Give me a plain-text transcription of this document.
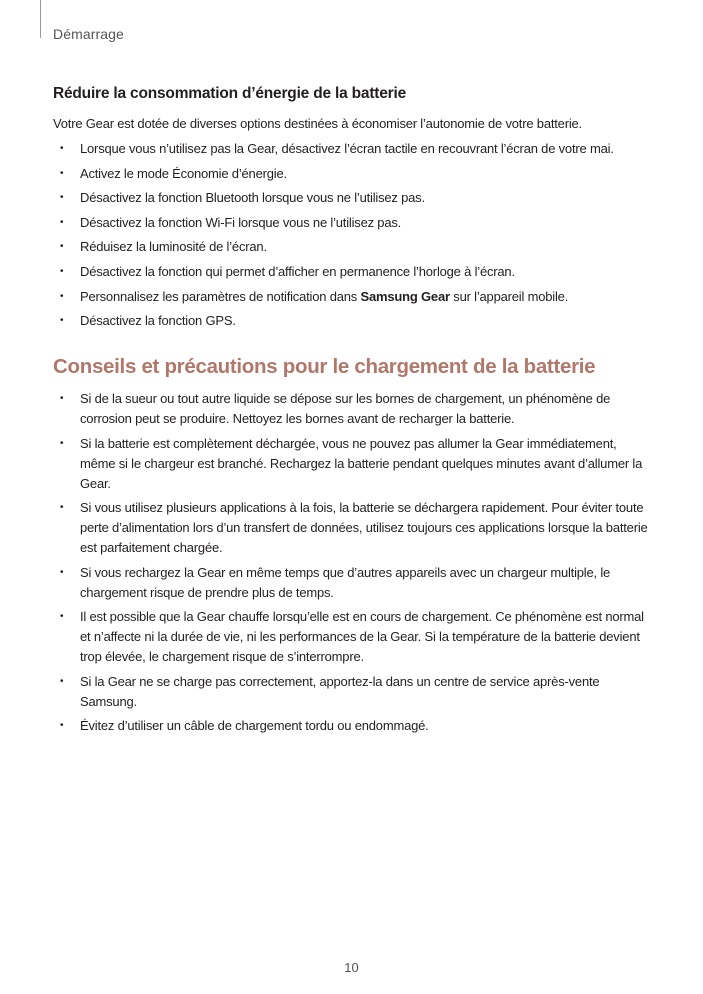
Démarrage
Réduire la consommation d’énergie de la batterie

Votre Gear est dotée de diverses options destinées à économiser l’autonomie de votre batterie.

• Lorsque vous n’utilisez pas la Gear, désactivez l’écran tactile en recouvrant l’écran de votre mai.
• Activez le mode Économie d’énergie.
• Désactivez la fonction Bluetooth lorsque vous ne l’utilisez pas.
• Désactivez la fonction Wi-Fi lorsque vous ne l’utilisez pas.
• Réduisez la luminosité de l’écran.
• Désactivez la fonction qui permet d’afficher en permanence l’horloge à l’écran.
• Personnalisez les paramètres de notification dans Samsung Gear sur l’appareil mobile.
• Désactivez la fonction GPS.
Conseils et précautions pour le chargement de la batterie
• Si de la sueur ou tout autre liquide se dépose sur les bornes de chargement, un phénomène de corrosion peut se produire. Nettoyez les bornes avant de recharger la batterie.
• Si la batterie est complètement déchargée, vous ne pouvez pas allumer la Gear immédiatement, même si le chargeur est branché. Rechargez la batterie pendant quelques minutes avant d’allumer la Gear.
• Si vous utilisez plusieurs applications à la fois, la batterie se déchargera rapidement. Pour éviter toute perte d’alimentation lors d’un transfert de données, utilisez toujours ces applications lorsque la batterie est parfaitement chargée.
• Si vous rechargez la Gear en même temps que d’autres appareils avec un chargeur multiple, le chargement risque de prendre plus de temps.
• Il est possible que la Gear chauffe lorsqu’elle est en cours de chargement. Ce phénomène est normal et n’affecte ni la durée de vie, ni les performances de la Gear. Si la température de la batterie devient trop élevée, le chargement risque de s’interrompre.
• Si la Gear ne se charge pas correctement, apportez-la dans un centre de service après-vente Samsung.
• Évitez d’utiliser un câble de chargement tordu ou endommagé.
10
